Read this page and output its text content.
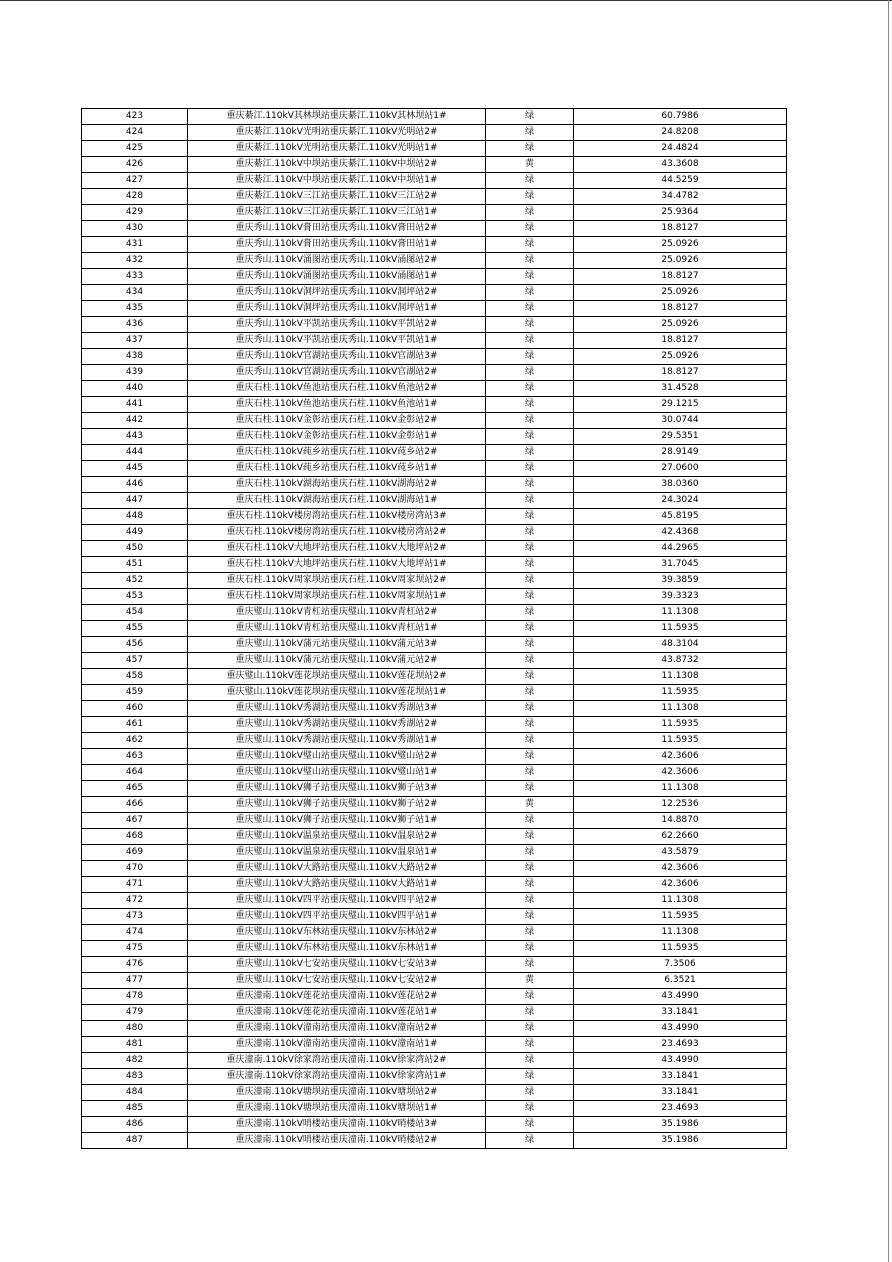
423	重庆綦江.110kV其林坝站重庆綦江.110kV其林坝站1#	绿	60.7986
424	重庆綦江.110kV光明站重庆綦江.110kV光明站2#	绿	24.8208
425	重庆綦江.110kV光明站重庆綦江.110kV光明站1#	绿	24.4824
426	重庆綦江.110kV中坝站重庆綦江.110kV中坝站2#	黄	43.3608
427	重庆綦江.110kV中坝站重庆綦江.110kV中坝站1#	绿	44.5259
428	重庆綦江.110kV三江站重庆綦江.110kV三江站2#	绿	34.4782
429	重庆綦江.110kV三江站重庆綦江.110kV三江站1#	绿	25.9364
430	重庆秀山.110kV膏田站重庆秀山.110kV膏田站2#	绿	18.8127
431	重庆秀山.110kV膏田站重庆秀山.110kV膏田站1#	绿	25.0926
432	重庆秀山.110kV涌图站重庆秀山.110kV涌图站2#	绿	25.0926
433	重庆秀山.110kV涌图站重庆秀山.110kV涌图站1#	绿	18.8127
434	重庆秀山.110kV洞坪站重庆秀山.110kV洞坪站2#	绿	25.0926
435	重庆秀山.110kV洞坪站重庆秀山.110kV洞坪站1#	绿	18.8127
436	重庆秀山.110kV平凯站重庆秀山.110kV平凯站2#	绿	25.0926
437	重庆秀山.110kV平凯站重庆秀山.110kV平凯站1#	绿	18.8127
438	重庆秀山.110kV官湖站重庆秀山.110kV官湖站3#	绿	25.0926
439	重庆秀山.110kV官湖站重庆秀山.110kV官湖站2#	绿	18.8127
440	重庆石柱.110kV鱼池站重庆石柱.110kV鱼池站2#	绿	31.4528
441	重庆石柱.110kV鱼池站重庆石柱.110kV鱼池站1#	绿	29.1215
442	重庆石柱.110kV金彰站重庆石柱.110kV金彰站2#	绿	30.0744
443	重庆石柱.110kV金彰站重庆石柱.110kV金彰站1#	绿	29.5351
444	重庆石柱.110kV莼乡站重庆石柱.110kV莼乡站2#	绿	28.9149
445	重庆石柱.110kV莼乡站重庆石柱.110kV莼乡站1#	绿	27.0600
446	重庆石柱.110kV湖海站重庆石柱.110kV湖海站2#	绿	38.0360
447	重庆石柱.110kV湖海站重庆石柱.110kV湖海站1#	绿	24.3024
448	重庆石柱.110kV楼房湾站重庆石柱.110kV楼房湾站3#	绿	45.8195
449	重庆石柱.110kV楼房湾站重庆石柱.110kV楼房湾站2#	绿	42.4368
450	重庆石柱.110kV大地坪站重庆石柱.110kV大地坪站2#	绿	44.2965
451	重庆石柱.110kV大地坪站重庆石柱.110kV大地坪站1#	绿	31.7045
452	重庆石柱.110kV周家坝站重庆石柱.110kV周家坝站2#	绿	39.3859
453	重庆石柱.110kV周家坝站重庆石柱.110kV周家坝站1#	绿	39.3323
454	重庆璧山.110kV青杠站重庆璧山.110kV青杠站2#	绿	11.1308
455	重庆璧山.110kV青杠站重庆璧山.110kV青杠站1#	绿	11.5935
456	重庆璧山.110kV蒲元站重庆璧山.110kV蒲元站3#	绿	48.3104
457	重庆璧山.110kV蒲元站重庆璧山.110kV蒲元站2#	绿	43.8732
458	重庆璧山.110kV莲花坝站重庆璧山.110kV莲花坝站2#	绿	11.1308
459	重庆璧山.110kV莲花坝站重庆璧山.110kV莲花坝站1#	绿	11.5935
460	重庆璧山.110kV秀湖站重庆璧山.110kV秀湖站3#	绿	11.1308
461	重庆璧山.110kV秀湖站重庆璧山.110kV秀湖站2#	绿	11.5935
462	重庆璧山.110kV秀湖站重庆璧山.110kV秀湖站1#	绿	11.5935
463	重庆璧山.110kV璧山站重庆璧山.110kV璧山站2#	绿	42.3606
464	重庆璧山.110kV璧山站重庆璧山.110kV璧山站1#	绿	42.3606
465	重庆璧山.110kV狮子站重庆璧山.110kV狮子站3#	绿	11.1308
466	重庆璧山.110kV狮子站重庆璧山.110kV狮子站2#	黄	12.2536
467	重庆璧山.110kV狮子站重庆璧山.110kV狮子站1#	绿	14.8870
468	重庆璧山.110kV温泉站重庆璧山.110kV温泉站2#	绿	62.2660
469	重庆璧山.110kV温泉站重庆璧山.110kV温泉站1#	绿	43.5879
470	重庆璧山.110kV大路站重庆璧山.110kV大路站2#	绿	42.3606
471	重庆璧山.110kV大路站重庆璧山.110kV大路站1#	绿	42.3606
472	重庆璧山.110kV四平站重庆璧山.110kV四平站2#	绿	11.1308
473	重庆璧山.110kV四平站重庆璧山.110kV四平站1#	绿	11.5935
474	重庆璧山.110kV东林站重庆璧山.110kV东林站2#	绿	11.1308
475	重庆璧山.110kV东林站重庆璧山.110kV东林站1#	绿	11.5935
476	重庆璧山.110kV七安站重庆璧山.110kV七安站3#	绿	7.3506
477	重庆璧山.110kV七安站重庆璧山.110kV七安站2#	黄	6.3521
478	重庆潼南.110kV莲花站重庆潼南.110kV莲花站2#	绿	43.4990
479	重庆潼南.110kV莲花站重庆潼南.110kV莲花站1#	绿	33.1841
480	重庆潼南.110kV潼南站重庆潼南.110kV潼南站2#	绿	43.4990
481	重庆潼南.110kV潼南站重庆潼南.110kV潼南站1#	绿	23.4693
482	重庆潼南.110kV徐家湾站重庆潼南.110kV徐家湾站2#	绿	43.4990
483	重庆潼南.110kV徐家湾站重庆潼南.110kV徐家湾站1#	绿	33.1841
484	重庆潼南.110kV塘坝站重庆潼南.110kV塘坝站2#	绿	33.1841
485	重庆潼南.110kV塘坝站重庆潼南.110kV塘坝站1#	绿	23.4693
486	重庆潼南.110kV哨楼站重庆潼南.110kV哨楼站3#	绿	35.1986
487	重庆潼南.110kV哨楼站重庆潼南.110kV哨楼站2#	绿	35.1986
